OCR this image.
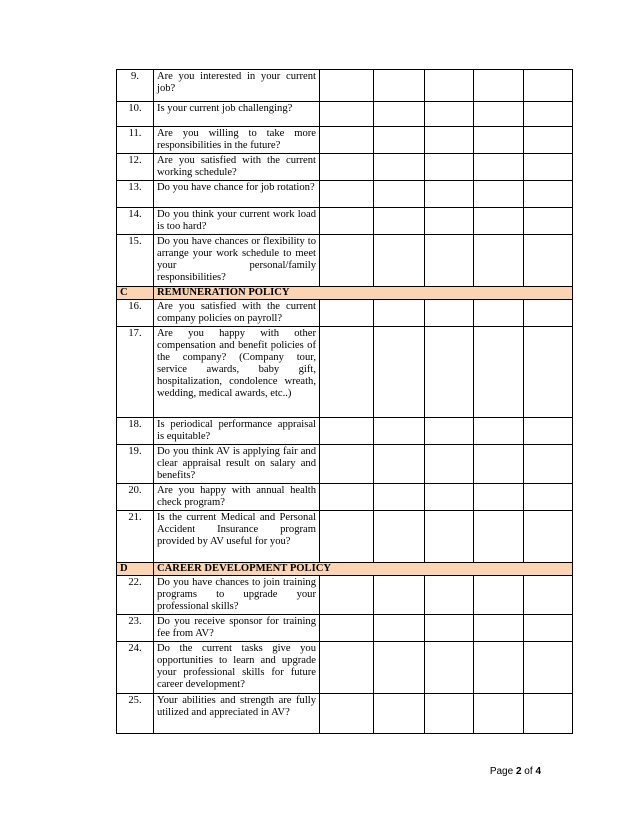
9.	Are you interested in your current job?					
10.	Is your current job challenging?					
11.	Are you willing to take more responsibilities in the future?					
12.	Are you satisfied with the current working schedule?					
13.	Do you have chance for job rotation?					
14.	Do you think your current work load is too hard?					
15.	Do you have chances or flexibility to arrange your work schedule to meet your personal/family responsibilities?					
C	REMUNERATION POLICY					
16.	Are you satisfied with the current company policies on payroll?					
17.	Are you happy with other compensation and benefit policies of the company? (Company tour, service awards, baby gift, hospitalization, condolence wreath, wedding, medical awards, etc..)					
18.	Is periodical performance appraisal is equitable?					
19.	Do you think AV is applying fair and clear appraisal result on salary and benefits?					
20.	Are you happy with annual health check program?					
21.	Is the current Medical and Personal Accident Insurance program provided by AV useful for you?					
D	CAREER DEVELOPMENT POLICY					
22.	Do you have chances to join training programs to upgrade your professional skills?					
23.	Do you receive sponsor for training fee from AV?					
24.	Do the current tasks give you opportunities to learn and upgrade your professional skills for future career development?					
25.	Your abilities and strength are fully utilized and appreciated in AV?					
Page 2 of 4
